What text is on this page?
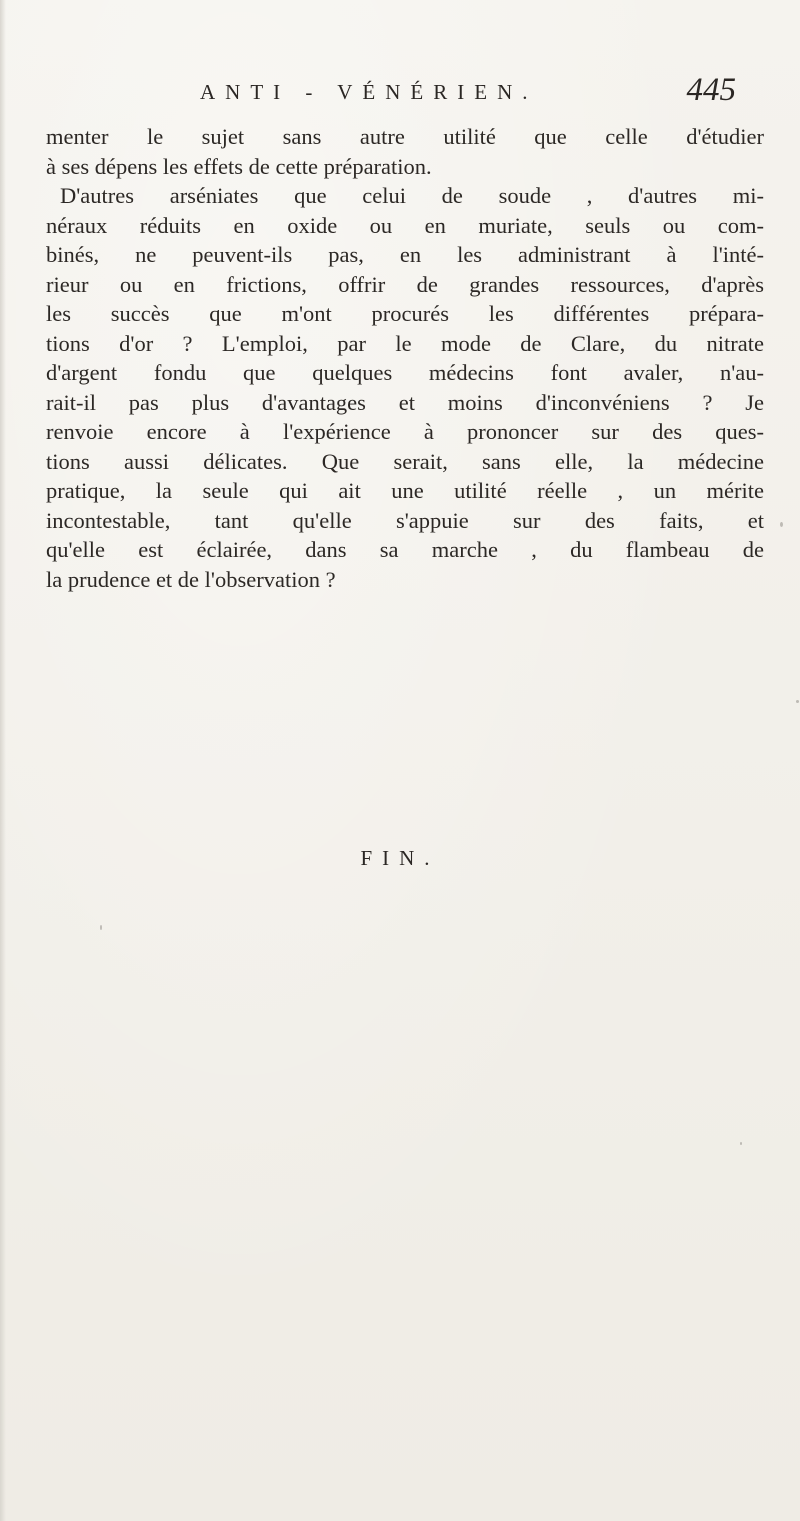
ANTI - VÉNÉRIEN.	445
menter le sujet sans autre utilité que celle d'étudier
à ses dépens les effets de cette préparation.
D'autres arséniates que celui de soude , d'autres mi-
néraux réduits en oxide ou en muriate, seuls ou com-
binés, ne peuvent-ils pas, en les administrant à l'inté-
rieur ou en frictions, offrir de grandes ressources, d'après
les succès que m'ont procurés les différentes prépara-
tions d'or ? L'emploi, par le mode de Clare, du nitrate
d'argent fondu que quelques médecins font avaler, n'au-
rait-il pas plus d'avantages et moins d'inconvéniens ? Je
renvoie encore à l'expérience à prononcer sur des ques-
tions aussi délicates. Que serait, sans elle, la médecine
pratique, la seule qui ait une utilité réelle , un mérite
incontestable, tant qu'elle s'appuie sur des faits, et
qu'elle est éclairée, dans sa marche , du flambeau de
la prudence et de l'observation ?
FIN.
